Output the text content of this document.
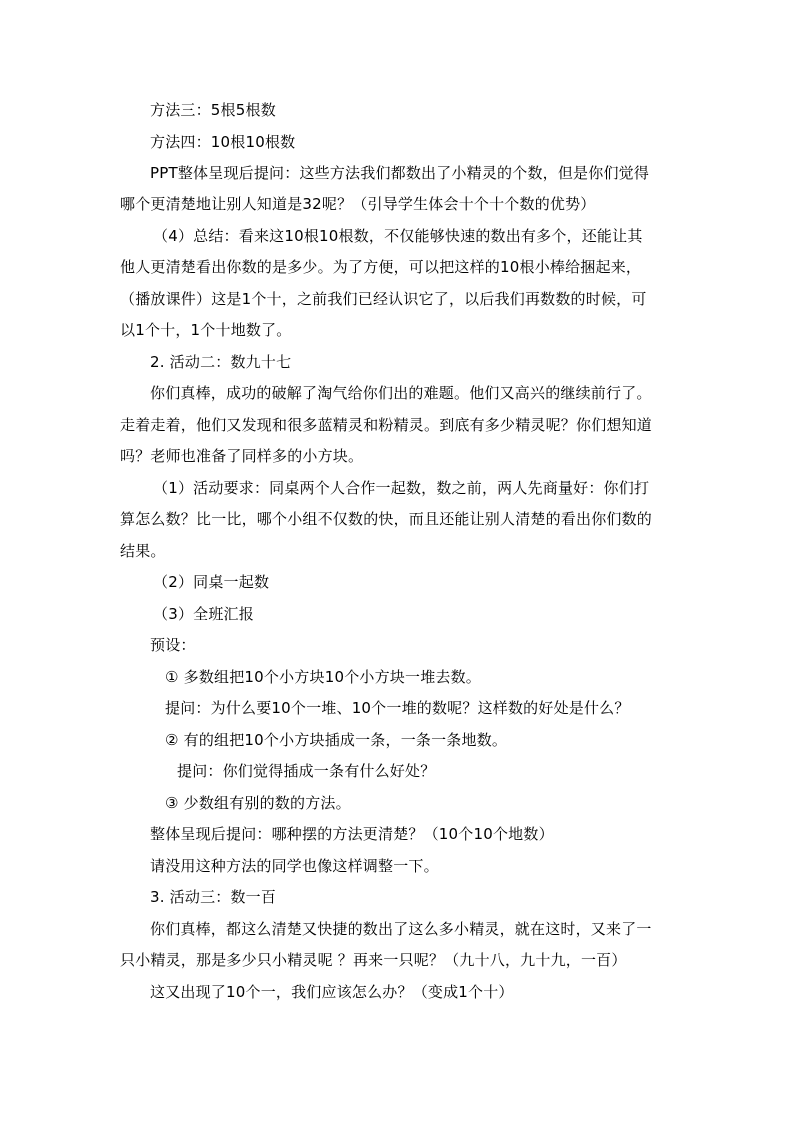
方法三：5根5根数
方法四：10根10根数
PPT整体呈现后提问：这些方法我们都数出了小精灵的个数，但是你们觉得
哪个更清楚地让别人知道是32呢？（引导学生体会十个十个数的优势）
（4）总结：看来这10根10根数，不仅能够快速的数出有多个，还能让其
他人更清楚看出你数的是多少。为了方便，可以把这样的10根小棒给捆起来，
（播放课件）这是1个十，之前我们已经认识它了，以后我们再数数的时候，可
以1个十，1个十地数了。
2. 活动二：数九十七
你们真棒，成功的破解了淘气给你们出的难题。他们又高兴的继续前行了。
走着走着，他们又发现和很多蓝精灵和粉精灵。到底有多少精灵呢？你们想知道
吗？老师也准备了同样多的小方块。
（1）活动要求：同桌两个人合作一起数，数之前，两人先商量好：你们打
算怎么数？比一比，哪个小组不仅数的快，而且还能让别人清楚的看出你们数的
结果。
（2）同桌一起数
（3）全班汇报
预设：
① 多数组把10个小方块10个小方块一堆去数。
提问：为什么要10个一堆、10个一堆的数呢？这样数的好处是什么？
② 有的组把10个小方块插成一条，一条一条地数。
提问：你们觉得插成一条有什么好处？
③ 少数组有别的数的方法。
整体呈现后提问：哪种摆的方法更清楚？（10个10个地数）
请没用这种方法的同学也像这样调整一下。
3. 活动三：数一百
你们真棒，都这么清楚又快捷的数出了这么多小精灵，就在这时，又来了一
只小精灵，那是多少只小精灵呢 ？再来一只呢？（九十八，九十九，一百）
这又出现了10个一，我们应该怎么办？（变成1个十）
